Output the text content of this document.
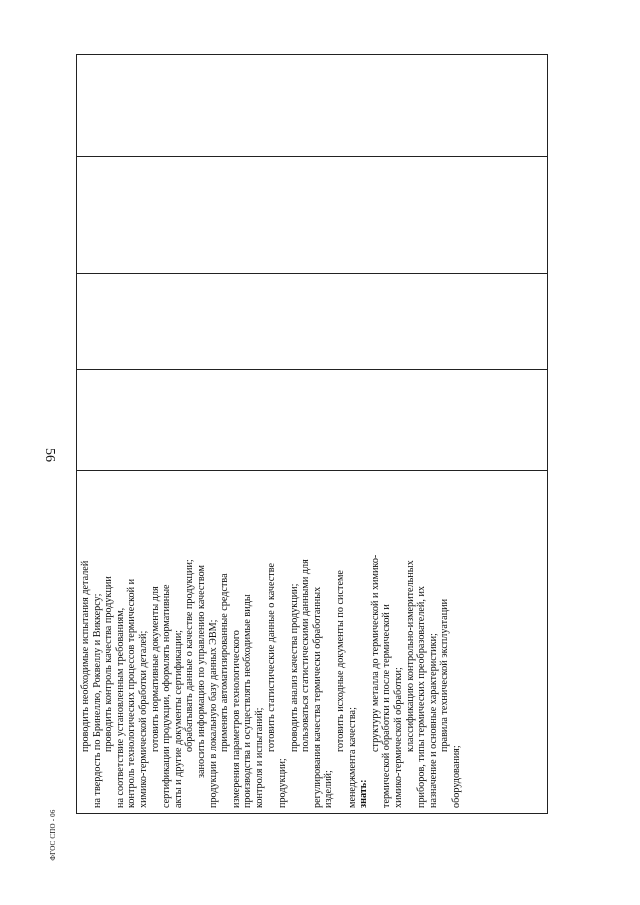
56
проводить необходимые испытания деталей на твердость по Бринеллю, Роквеллу и Виккерсу; проводить контроль качества продукции на соответствие установленным требованиям, контроль технологических процессов термической и химико-термической обработки деталей; готовить нормативные документы для сертификации продукции, оформлять нормативные акты и другие документы сертификации; обрабатывать данные о качестве продукции; заносить информацию по управлению качеством продукции в локальную базу данных ЭВМ; применять автоматизированные средства измерения параметров технологического производства и осуществлять необходимые виды контроля и испытаний;
готовить статистические данные о качестве
продукции;
проводить анализ качества продукции; пользоваться статистическими данными для регулирования качества термически обработанных изделий;
готовить исходные документы по системе
менеджмента качества; знать:
структуру металла до термической и химико- термической обработки и после термической и химико-термической обработки; классификацию контрольно-измерительных приборов, типы термических преобразователей, их назначение и основные характеристики; правила технической эксплуатации
оборудования;
ФГОС СПО - 06
